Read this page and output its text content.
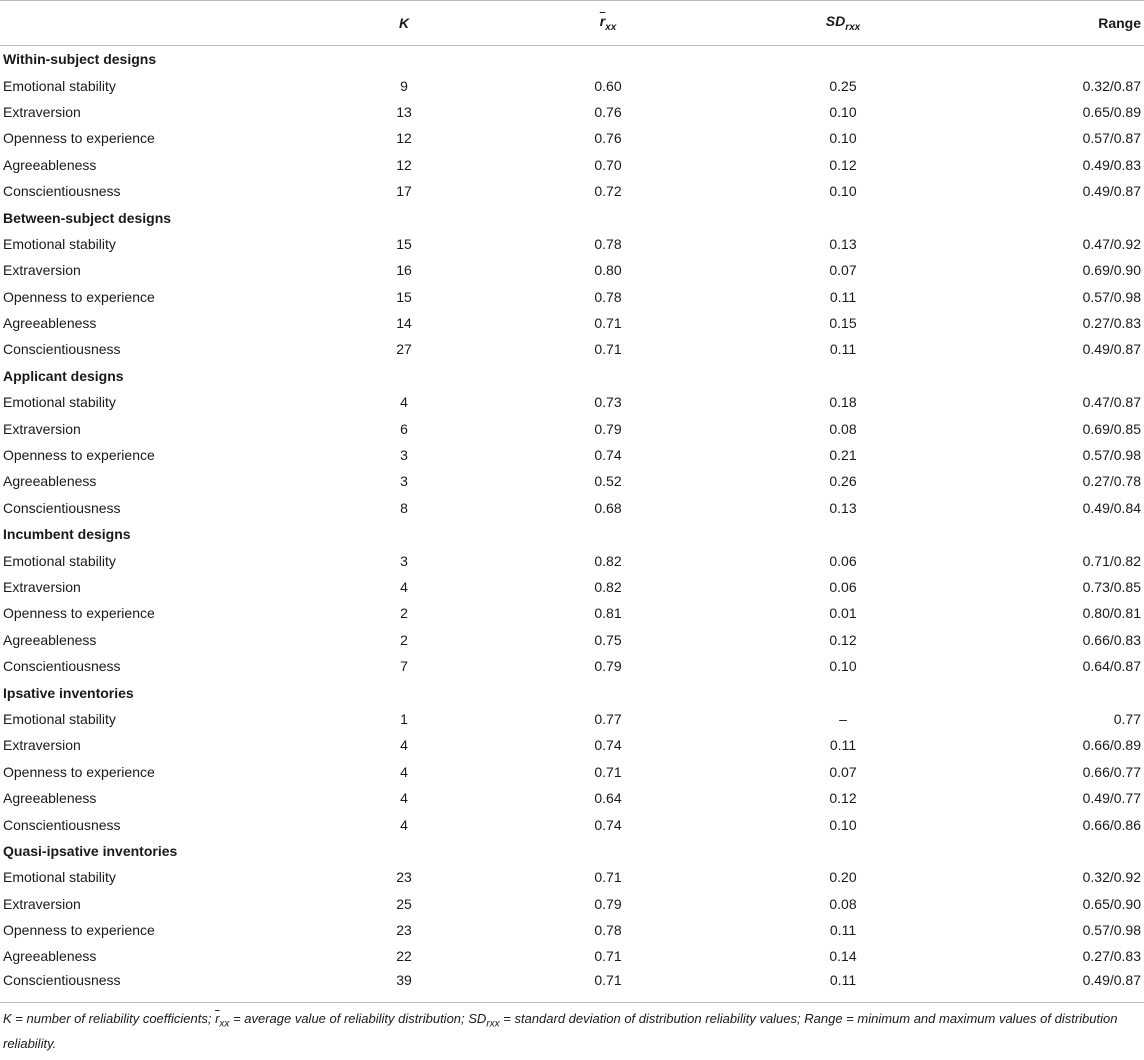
	K	$\overline{r}_{xx}$	$SD_{rxx}$	Range
Within-subject designs				
Emotional stability	9	0.60	0.25	0.32/0.87
Extraversion	13	0.76	0.10	0.65/0.89
Openness to experience	12	0.76	0.10	0.57/0.87
Agreeableness	12	0.70	0.12	0.49/0.83
Conscientiousness	17	0.72	0.10	0.49/0.87
Between-subject designs				
Emotional stability	15	0.78	0.13	0.47/0.92
Extraversion	16	0.80	0.07	0.69/0.90
Openness to experience	15	0.78	0.11	0.57/0.98
Agreeableness	14	0.71	0.15	0.27/0.83
Conscientiousness	27	0.71	0.11	0.49/0.87
Applicant designs				
Emotional stability	4	0.73	0.18	0.47/0.87
Extraversion	6	0.79	0.08	0.69/0.85
Openness to experience	3	0.74	0.21	0.57/0.98
Agreeableness	3	0.52	0.26	0.27/0.78
Conscientiousness	8	0.68	0.13	0.49/0.84
Incumbent designs				
Emotional stability	3	0.82	0.06	0.71/0.82
Extraversion	4	0.82	0.06	0.73/0.85
Openness to experience	2	0.81	0.01	0.80/0.81
Agreeableness	2	0.75	0.12	0.66/0.83
Conscientiousness	7	0.79	0.10	0.64/0.87
Ipsative inventories				
Emotional stability	1	0.77	–	0.77
Extraversion	4	0.74	0.11	0.66/0.89
Openness to experience	4	0.71	0.07	0.66/0.77
Agreeableness	4	0.64	0.12	0.49/0.77
Conscientiousness	4	0.74	0.10	0.66/0.86
Quasi-ipsative inventories				
Emotional stability	23	0.71	0.20	0.32/0.92
Extraversion	25	0.79	0.08	0.65/0.90
Openness to experience	23	0.78	0.11	0.57/0.98
Agreeableness	22	0.71	0.14	0.27/0.83
Conscientiousness	39	0.71	0.11	0.49/0.87
K = number of reliability coefficients; $\overline{r}_{xx}$ = average value of reliability distribution; $SD_{rxx}$ = standard deviation of distribution reliability values; Range = minimum and maximum values of distribution reliability.
